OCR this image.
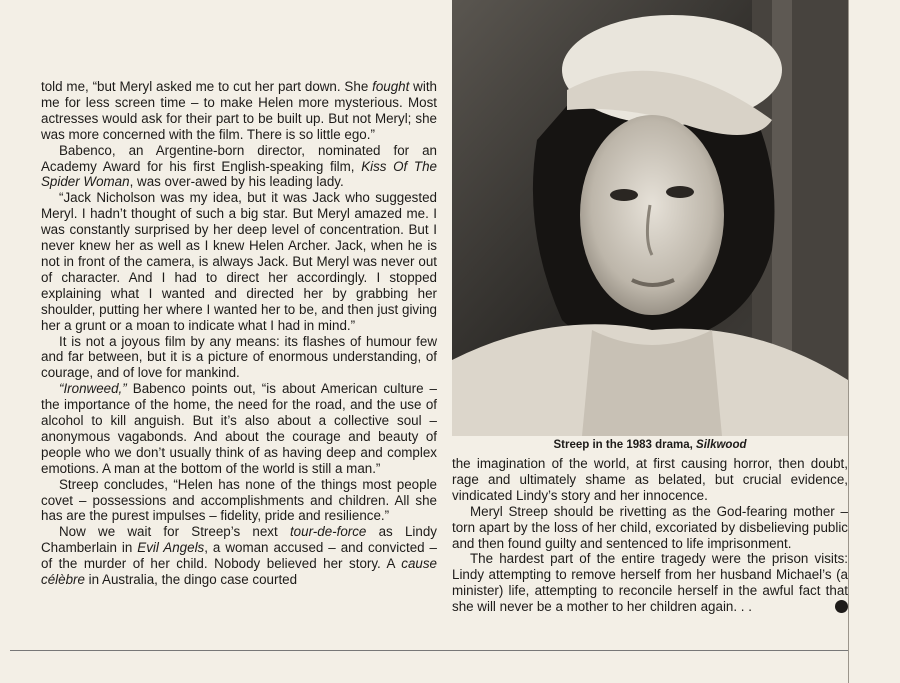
told me, “but Meryl asked me to cut her part down. She fought with me for less screen time – to make Helen more mysterious. Most actresses would ask for their part to be built up. But not Meryl; she was more concerned with the film. There is so little ego.”

Babenco, an Argentine-born director, nominated for an Academy Award for his first English-speaking film, Kiss Of The Spider Woman, was over-awed by his leading lady.

“Jack Nicholson was my idea, but it was Jack who suggested Meryl. I hadn’t thought of such a big star. But Meryl amazed me. I was constantly surprised by her deep level of concentration. But I never knew her as well as I knew Helen Archer. Jack, when he is not in front of the camera, is always Jack. But Meryl was never out of character. And I had to direct her accordingly. I stopped explaining what I wanted and directed her by grabbing her shoulder, putting her where I wanted her to be, and then just giving her a grunt or a moan to indicate what I had in mind.”

It is not a joyous film by any means: its flashes of humour few and far between, but it is a picture of enormous understanding, of courage, and of love for mankind.

“Ironweed,” Babenco points out, “is about American culture – the importance of the home, the need for the road, and the use of alcohol to kill anguish. But it’s also about a collective soul – anonymous vagabonds. And about the courage and beauty of people who we don’t usually think of as having deep and complex emotions. A man at the bottom of the world is still a man.”

Streep concludes, “Helen has none of the things most people covet – possessions and accomplishments and children. All she has are the purest impulses – fidelity, pride and resilience.”

Now we wait for Streep’s next tour-de-force as Lindy Chamberlain in Evil Angels, a woman accused – and convicted – of the murder of her child. Nobody believed her story. A cause célèbre in Australia, the dingo case courted

Streep in the 1983 drama, Silkwood

the imagination of the world, at first causing horror, then doubt, rage and ultimately shame as belated, but crucial evidence, vindicated Lindy’s story and her innocence.

Meryl Streep should be rivetting as the God-fearing mother – torn apart by the loss of her child, excoriated by disbelieving public and then found guilty and sentenced to life imprisonment.

The hardest part of the entire tragedy were the prison visits: Lindy attempting to remove herself from her husband Michael’s (a minister) life, attempting to reconcile herself in the awful fact that she will never be a mother to her children again. . .
